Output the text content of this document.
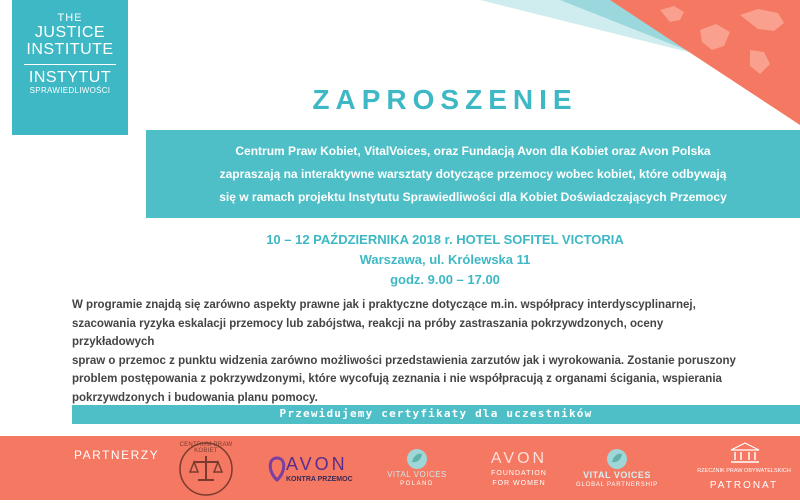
THE
JUSTICE
INSTITUTE
INSTYTUT
SPRAWIEDLIWOŚCI	ZAPROSZENIE
Centrum Praw Kobiet, VitalVoices, oraz Fundacją Avon dla Kobiet oraz Avon Polska
zapraszają na interaktywne warsztaty dotyczące przemocy wobec kobiet, które odbywają
się w ramach projektu Instytutu Sprawiedliwości dla Kobiet Doświadczających Przemocy
10 – 12 PAŹDZIERNIKA 2018 r. HOTEL SOFITEL VICTORIA
Warszawa, ul. Królewska 11
godz. 9.00 – 17.00
W programie znajdą się zarówno aspekty prawne jak i praktyczne dotyczące m.in. współpracy interdyscyplinarnej,
szacowania ryzyka eskalacji przemocy lub zabójstwa, reakcji na próby zastraszania pokrzywdzonych, oceny przykładowych
spraw o przemoc z punktu widzenia zarówno możliwości przedstawienia zarzutów jak i wyrokowania. Zostanie poruszony
problem postępowania z pokrzywdzonymi, które wycofują zeznania i nie współpracują z organami ścigania, wspierania
pokrzywdzonych i budowania planu pomocy.
Przewidujemy certyfikaty dla uczestników
PARTNERZY
CENTRUM PRAW KOBIET
AVON
KONTRA PRZEMOC
VITAL VOICES
POLAND
AVON
FOUNDATION
FOR WOMEN
VITAL VOICES
GLOBAL PARTNERSHIP
RZECZNIK PRAW OBYWATELSKICH
PATRONAT
